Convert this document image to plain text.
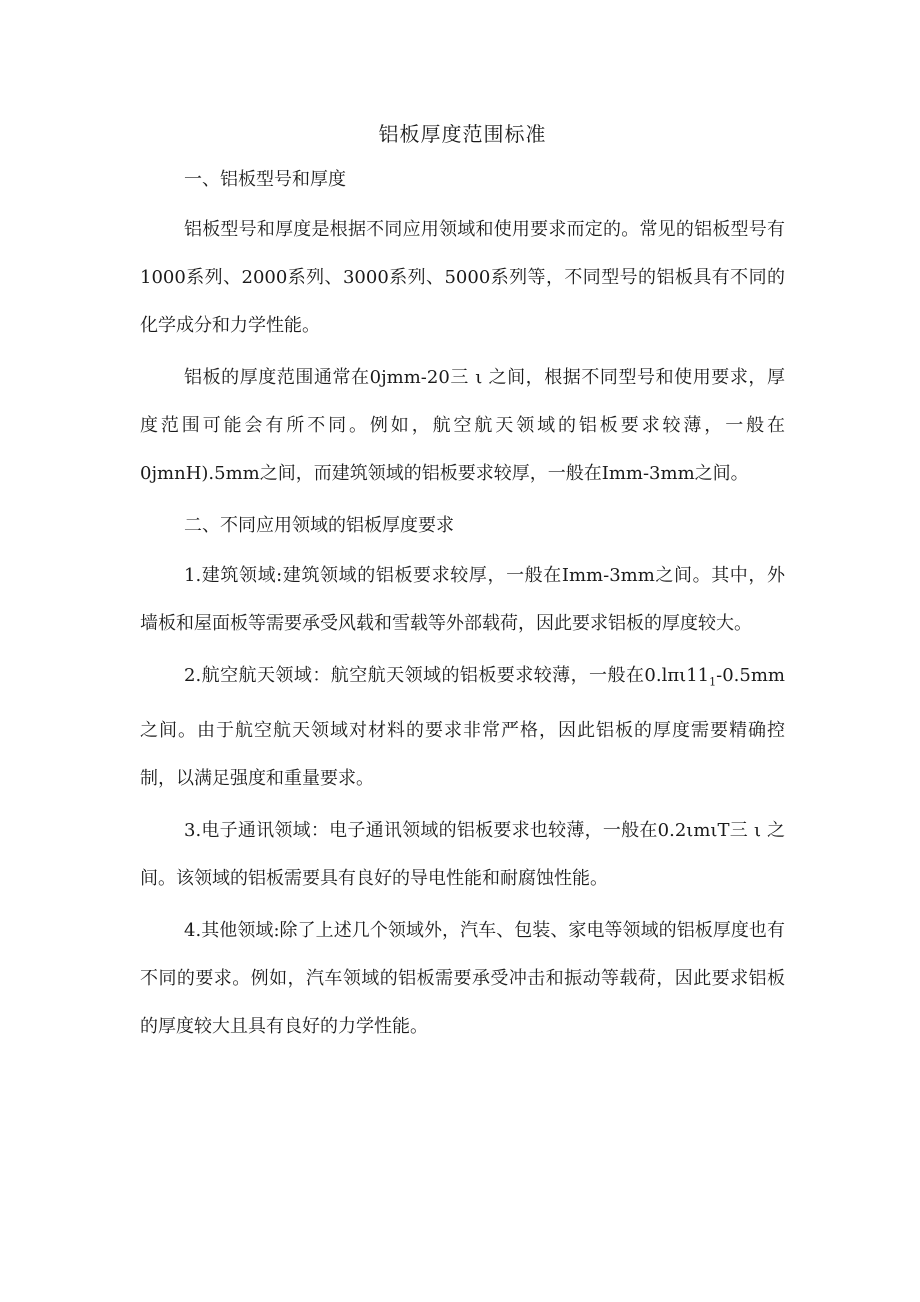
铝板厚度范围标准

一、铝板型号和厚度

铝板型号和厚度是根据不同应用领域和使用要求而定的。常见的铝板型号有1000系列、2000系列、3000系列、5000系列等，不同型号的铝板具有不同的化学成分和力学性能。

铝板的厚度范围通常在0jmm-20三 ι 之间，根据不同型号和使用要求，厚度范围可能会有所不同。例如，航空航天领域的铝板要求较薄，一般在0jmnH).5mm之间，而建筑领域的铝板要求较厚，一般在Imm-3mm之间。

二、不同应用领域的铝板厚度要求

1.建筑领域:建筑领域的铝板要求较厚，一般在Imm-3mm之间。其中，外墙板和屋面板等需要承受风载和雪载等外部载荷，因此要求铝板的厚度较大。

2.航空航天领域：航空航天领域的铝板要求较薄，一般在$0.l\pi\iota 11_1-0.5mm$之间。由于航空航天领域对材料的要求非常严格，因此铝板的厚度需要精确控制，以满足强度和重量要求。

3.电子通讯领域：电子通讯领域的铝板要求也较薄，一般在0.2ιmιT三 ι 之间。该领域的铝板需要具有良好的导电性能和耐腐蚀性能。

4.其他领域:除了上述几个领域外，汽车、包装、家电等领域的铝板厚度也有不同的要求。例如，汽车领域的铝板需要承受冲击和振动等载荷，因此要求铝板的厚度较大且具有良好的力学性能。
